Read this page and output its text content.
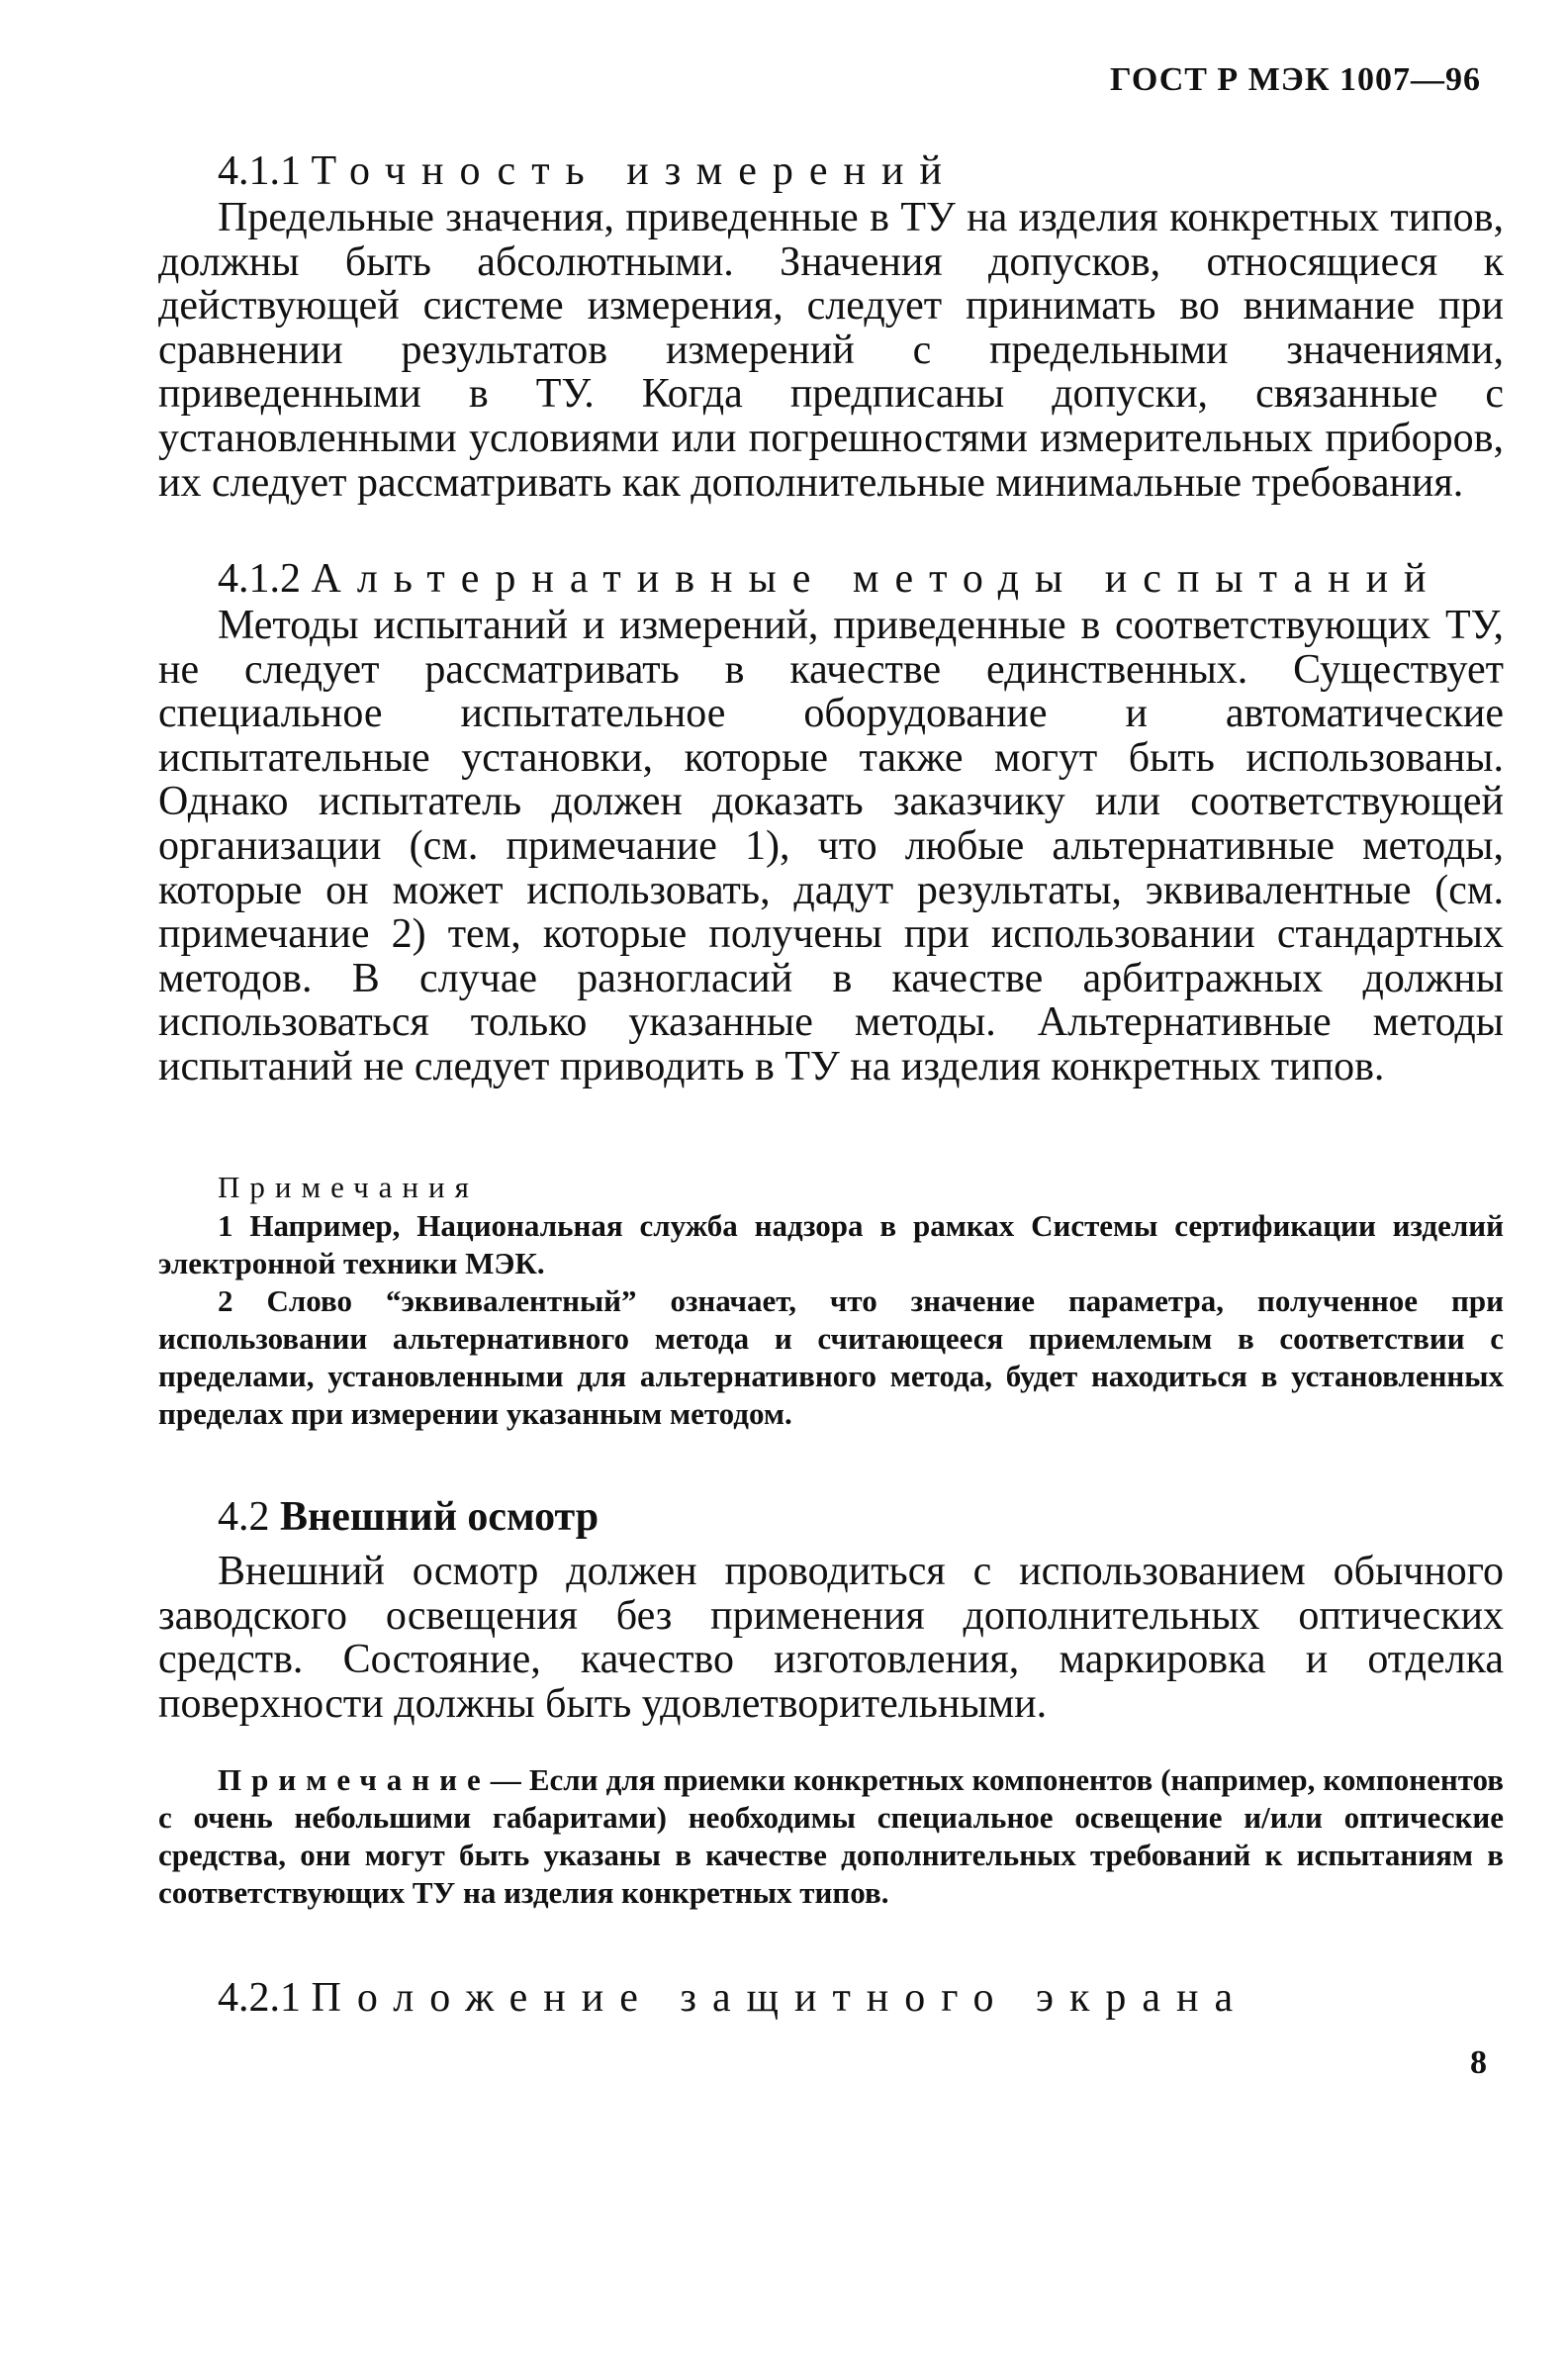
ГОСТ Р МЭК 1007—96

4.1.1 Точность измерений

Предельные значения, приведенные в ТУ на изделия конкретных типов, должны быть абсолютными. Значения допусков, относящиеся к действующей системе измерения, следует принимать во внимание при сравнении результатов измерений с предельными значениями, приведенными в ТУ. Когда предписаны допуски, связанные с установленными условиями или погрешностями измерительных приборов, их следует рассматривать как дополнительные минимальные требования.

4.1.2 Альтернативные методы испытаний

Методы испытаний и измерений, приведенные в соответствующих ТУ, не следует рассматривать в качестве единственных. Существует специальное испытательное оборудование и автоматические испытательные установки, которые также могут быть использованы. Однако испытатель должен доказать заказчику или соответствующей организации (см. примечание 1), что любые альтернативные методы, которые он может использовать, дадут результаты, эквивалентные (см. примечание 2) тем, которые получены при использовании стандартных методов. В случае разногласий в качестве арбитражных должны использоваться только указанные методы. Альтернативные методы испытаний не следует приводить в ТУ на изделия конкретных типов.

Примечания

1 Например, Национальная служба надзора в рамках Системы сертификации изделий электронной техники МЭК.

2 Слово “эквивалентный” означает, что значение параметра, полученное при использовании альтернативного метода и считающееся приемлемым в соответствии с пределами, установленными для альтернативного метода, будет находиться в установленных пределах при измерении указанным методом.

4.2 Внешний осмотр

Внешний осмотр должен проводиться с использованием обычного заводского освещения без применения дополнительных оптических средств. Состояние, качество изготовления, маркировка и отделка поверхности должны быть удовлетворительными.

Примечание— Если для приемки конкретных компонентов (например, компонентов с очень небольшими габаритами) необходимы специальное освещение и/или оптические средства, они могут быть указаны в качестве дополнительных требований к испытаниям в соответствующих ТУ на изделия конкретных типов.

4.2.1 Положение защитного экрана

8
